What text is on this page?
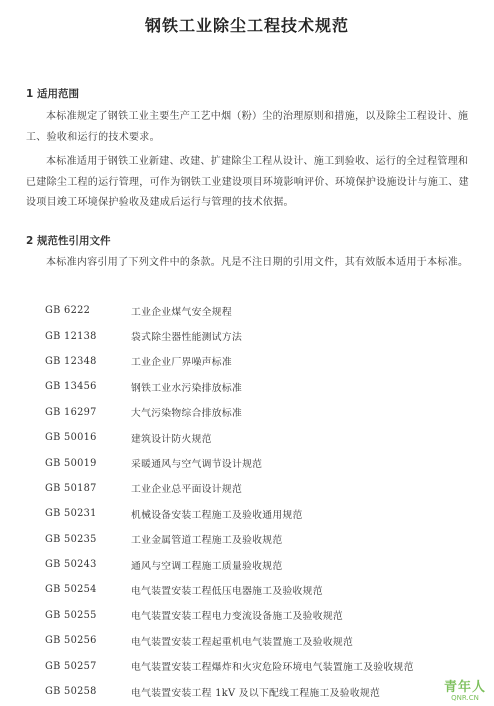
钢铁工业除尘工程技术规范
1 适用范围
本标准规定了钢铁工业主要生产工艺中烟（粉）尘的治理原则和措施，以及除尘工程设计、施工、验收和运行的技术要求。
本标准适用于钢铁工业新建、改建、扩建除尘工程从设计、施工到验收、运行的全过程管理和已建除尘工程的运行管理，可作为钢铁工业建设项目环境影响评价、环境保护设施设计与施工、建设项目竣工环境保护验收及建成后运行与管理的技术依据。
2 规范性引用文件
本标准内容引用了下列文件中的条款。凡是不注日期的引用文件，其有效版本适用于本标准。
GB 6222	工业企业煤气安全规程
GB 12138	袋式除尘器性能测试方法
GB 12348	工业企业厂界噪声标准
GB 13456	钢铁工业水污染排放标准
GB 16297	大气污染物综合排放标准
GB 50016	建筑设计防火规范
GB 50019	采暖通风与空气调节设计规范
GB 50187	工业企业总平面设计规范
GB 50231	机械设备安装工程施工及验收通用规范
GB 50235	工业金属管道工程施工及验收规范
GB 50243	通风与空调工程施工质量验收规范
GB 50254	电气装置安装工程低压电器施工及验收规范
GB 50255	电气装置安装工程电力变流设备施工及验收规范
GB 50256	电气装置安装工程起重机电气装置施工及验收规范
GB 50257	电气装置安装工程爆炸和火灾危险环境电气装置施工及验收规范
GB 50258	电气装置安装工程 1kV 及以下配线工程施工及验收规范	青年人
QNR.CN
